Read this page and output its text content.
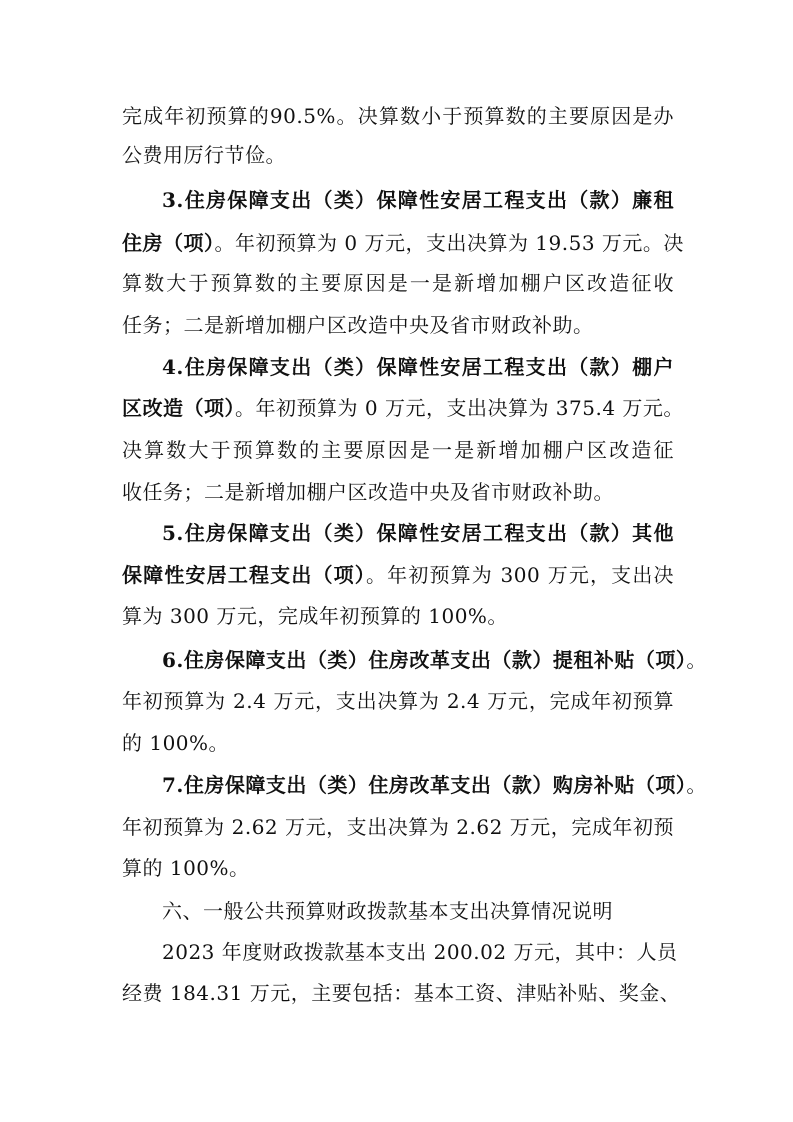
完成年初预算的90.5%。决算数小于预算数的主要原因是办
公费用厉行节俭。
3.住房保障支出（类）保障性安居工程支出（款）廉租
住房（项）。年初预算为 0 万元，支出决算为 19.53 万元。决
算数大于预算数的主要原因是一是新增加棚户区改造征收
任务；二是新增加棚户区改造中央及省市财政补助。
4.住房保障支出（类）保障性安居工程支出（款）棚户
区改造（项）。年初预算为 0 万元，支出决算为 375.4 万元。
决算数大于预算数的主要原因是一是新增加棚户区改造征
收任务；二是新增加棚户区改造中央及省市财政补助。
5.住房保障支出（类）保障性安居工程支出（款）其他
保障性安居工程支出（项）。年初预算为 300 万元，支出决
算为 300 万元，完成年初预算的 100%。
6.住房保障支出（类）住房改革支出（款）提租补贴（项）。
年初预算为 2.4 万元，支出决算为 2.4 万元，完成年初预算
的 100%。
7.住房保障支出（类）住房改革支出（款）购房补贴（项）。
年初预算为 2.62 万元，支出决算为 2.62 万元，完成年初预
算的 100%。
六、一般公共预算财政拨款基本支出决算情况说明
2023 年度财政拨款基本支出 200.02 万元，其中：人员
经费 184.31 万元，主要包括：基本工资、津贴补贴、奖金、
